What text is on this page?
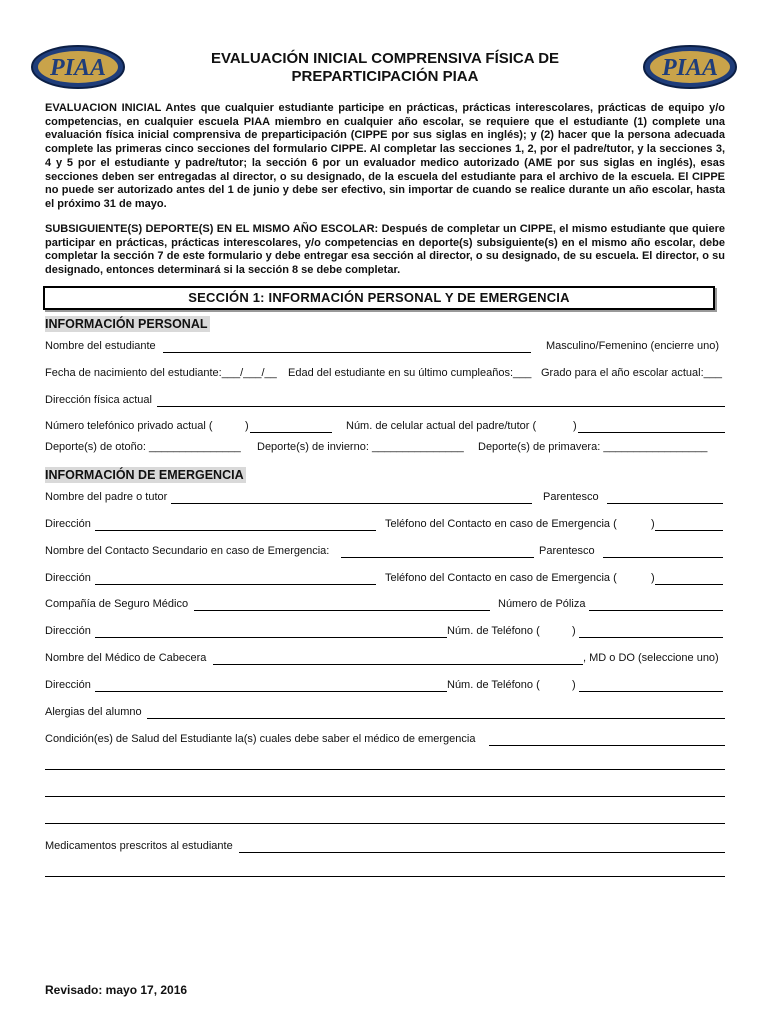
PIAA	PIAA
EVALUACIÓN INICIAL COMPRENSIVA FÍSICA DE
PREPARTICIPACIÓN PIAA
EVALUACION INICIAL Antes que cualquier estudiante participe en prácticas, prácticas interescolares, prácticas de equipo y/o competencias, en cualquier escuela PIAA miembro en cualquier año escolar, se requiere que el estudiante (1) complete una evaluación física inicial comprensiva de preparticipación (CIPPE por sus siglas en inglés); y (2) hacer que la persona adecuada complete las primeras cinco secciones del formulario CIPPE. Al completar las secciones 1, 2, por el padre/tutor, y la secciones 3, 4 y 5 por el estudiante y padre/tutor; la sección 6 por un evaluador medico autorizado (AME por sus siglas en inglés), esas secciones deben ser entregadas al director, o su designado, de la escuela del estudiante para el archivo de la escuela. El CIPPE no puede ser autorizado antes del 1 de junio y debe ser efectivo, sin importar de cuando se realice durante un año escolar, hasta el próximo 31 de mayo.
SUBSIGUIENTE(S) DEPORTE(S) EN EL MISMO AÑO ESCOLAR: Después de completar un CIPPE, el mismo estudiante que quiere participar en prácticas, prácticas interescolares, y/o competencias en deporte(s) subsiguiente(s) en el mismo año escolar, debe completar la sección 7 de este formulario y debe entregar esa sección al director, o su designado, de su escuela. El director, o su designado, entonces determinará si la sección 8 se debe completar.
SECCIÓN 1: INFORMACIÓN PERSONAL Y DE EMERGENCIA
INFORMACIÓN PERSONAL
Nombre del estudiante	Masculino/Femenino (encierre uno)
Fecha de nacimiento del estudiante:___/___/__ Edad del estudiante en su último cumpleaños:___ Grado para el año escolar actual:___
Dirección física actual
Número telefónico privado actual (	)	Núm. de celular actual del padre/tutor (	)
Deporte(s) de otoño: _______________ Deporte(s) de invierno: _______________ Deporte(s) de primavera: _________________
INFORMACIÓN DE EMERGENCIA
Nombre del padre o tutor	Parentesco
Dirección	Teléfono del Contacto en caso de Emergencia (	)
Nombre del Contacto Secundario en caso de Emergencia:	Parentesco
Dirección	Teléfono del Contacto en caso de Emergencia (	)
Compañía de Seguro Médico	Número de Póliza
Dirección	Núm. de Teléfono (	)
Nombre del Médico de Cabecera	, MD o DO (seleccione uno)
Dirección	Núm. de Teléfono (	)
Alergias del alumno
Condición(es) de Salud del Estudiante la(s) cuales debe saber el médico de emergencia
Medicamentos prescritos al estudiante
Revisado: mayo 17, 2016
